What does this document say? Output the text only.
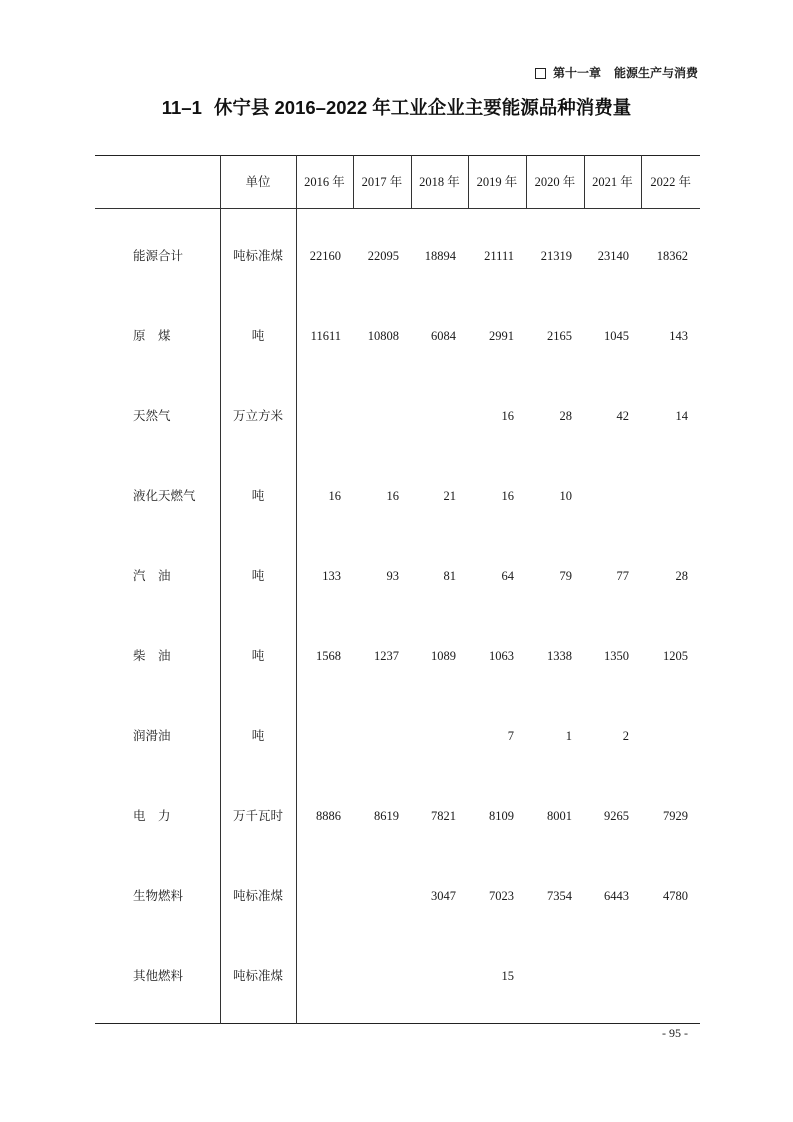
第十一章 能源生产与消费
11–1 休宁县 2016–2022 年工业企业主要能源品种消费量
	单位	2016 年	2017 年	2018 年	2019 年	2020 年	2021 年	2022 年

能源合计	吨标准煤	22160	22095	18894	21111	21319	23140	18362
原　煤	吨	11611	10808	6084	2991	2165	1045	143
天然气	万立方米				16	28	42	14
液化天燃气	吨	16	16	21	16	10		
汽　油	吨	133	93	81	64	79	77	28
柴　油	吨	1568	1237	1089	1063	1338	1350	1205
润滑油	吨				7	1	2	
电　力	万千瓦时	8886	8619	7821	8109	8001	9265	7929
生物燃料	吨标准煤			3047	7023	7354	6443	4780
其他燃料	吨标准煤				15			

- 95 -
